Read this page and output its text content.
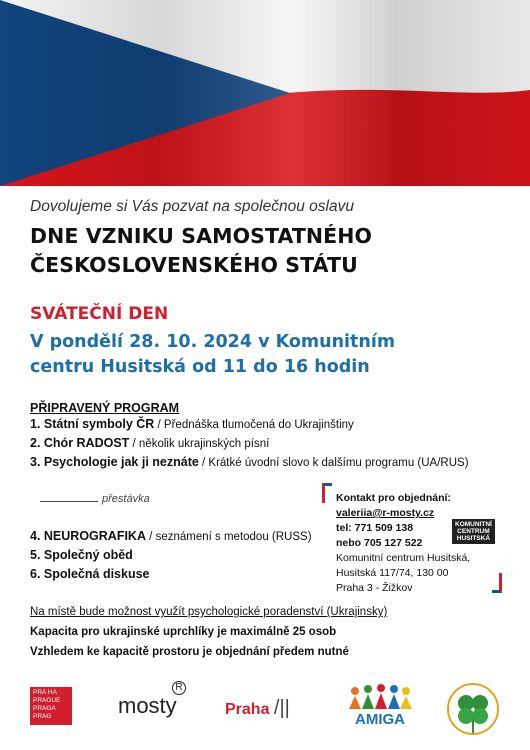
Dovolujeme si Vás pozvat na společnou oslavu
DNE VZNIKU SAMOSTATNÉHO
ČESKOSLOVENSKÉHO STÁTU
SVÁTEČNÍ DEN
V pondělí 28. 10. 2024 v Komunitním
centru Husitská od 11 do 16 hodin
PŘIPRAVENÝ PROGRAM
1. Státní symboly ČR / Přednáška tlumočená do Ukrajinštiny
2. Chór RADOST / několik ukrajinských písní
3. Psychologie jak ji neznáte / Krátké úvodní slovo k dalšímu programu (UA/RUS)
přestávka
4. NEUROGRAFIKA / seznámení s metodou (RUSS)
5. Společný oběd
6. Společná diskuse
Kontakt pro objednání:
valeriia@r-mosty.cz
tel: 771 509 138
nebo 705 127 522
Komunitní centrum Husitská,
Husitská 117/74, 130 00
Praha 3 - Žižkov
KOMUNITNÍ
CENTRUM
HUSITSKÁ
Na místě bude možnost využít psychologické poradenství (Ukrajinsky)
Kapacita pro ukrajinské uprchlíky je maximálně 25 osob
Vzhledem ke kapacitě prostoru je objednání předem nutné
PRA HA
PRAGUE
PRAGA
PRAG	mosty
R
Praha /||
AMIGA
